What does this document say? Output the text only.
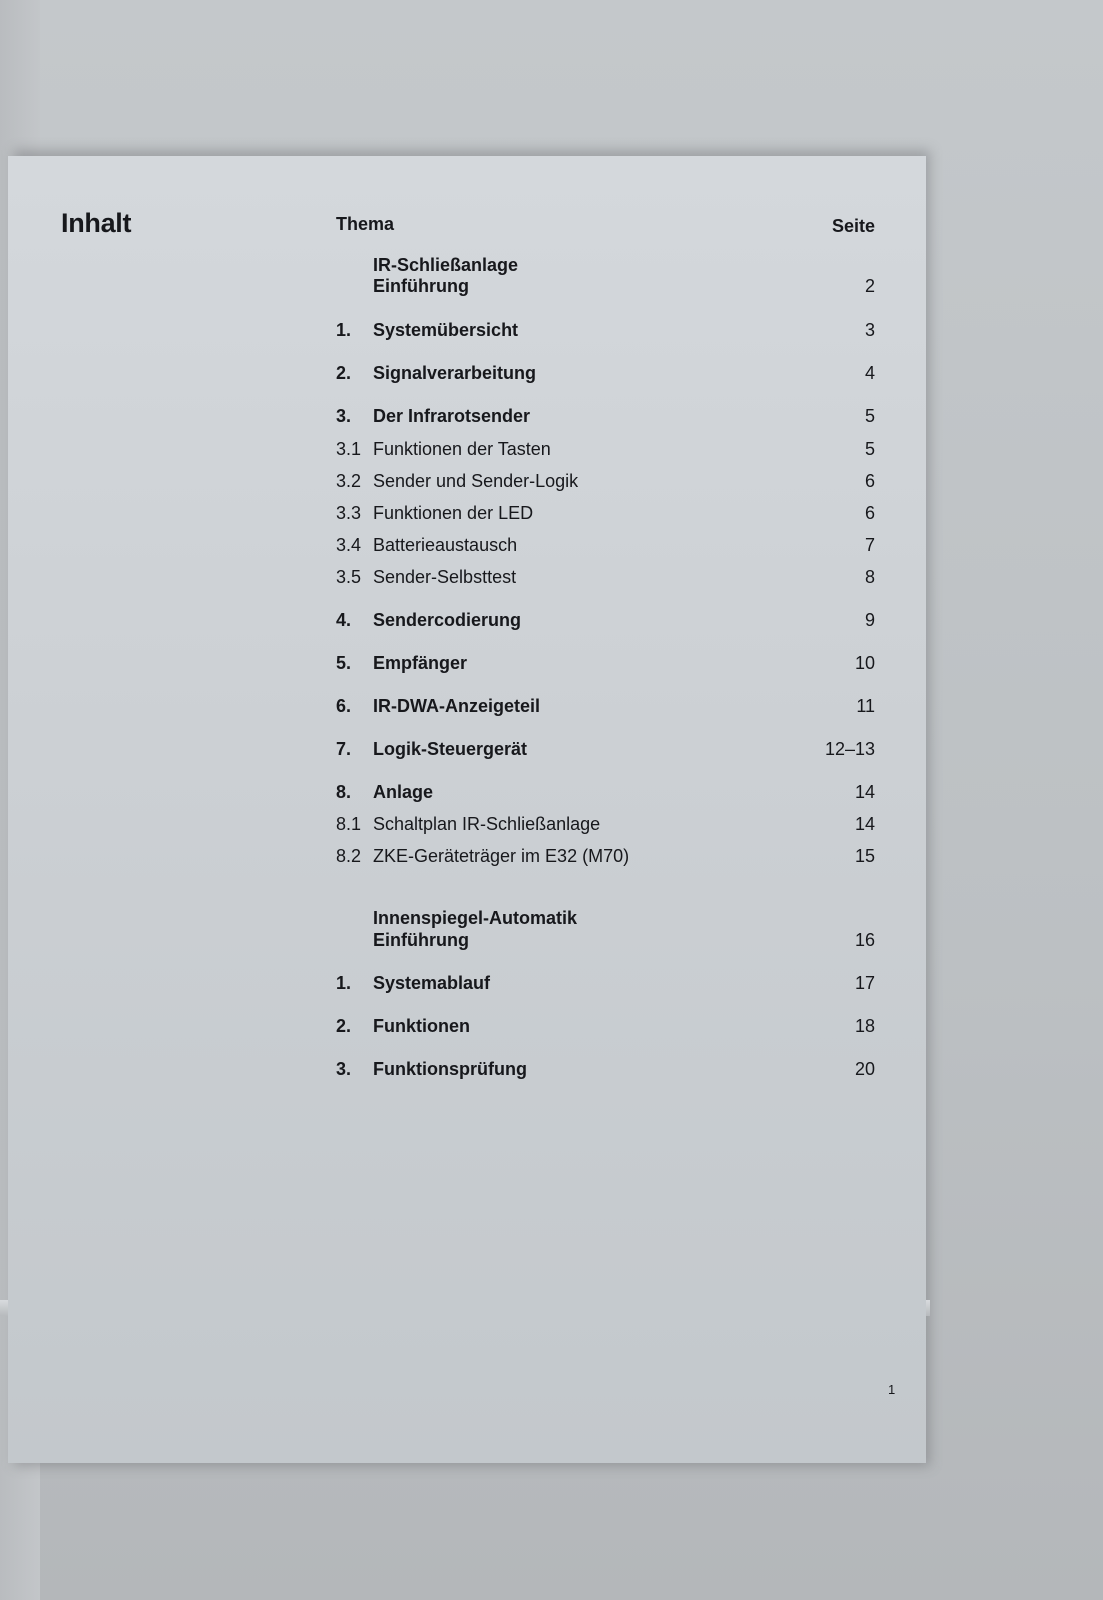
Inhalt	Thema	Seite
IR-Schließanlage
Einführung	2
1. Systemübersicht	3
2. Signalverarbeitung	4
3. Der Infrarotsender	5
3.1 Funktionen der Tasten	5
3.2 Sender und Sender-Logik	6
3.3 Funktionen der LED	6
3.4 Batterieaustausch	7
3.5 Sender-Selbsttest	8
4. Sendercodierung	9
5. Empfänger	10
6. IR-DWA-Anzeigeteil	11
7. Logik-Steuergerät	12–13
8. Anlage	14
8.1 Schaltplan IR-Schließanlage	14
8.2 ZKE-Geräteträger im E32 (M70)	15
Innenspiegel-Automatik
Einführung	16
1. Systemablauf	17
2. Funktionen	18
3. Funktionsprüfung	20
1
